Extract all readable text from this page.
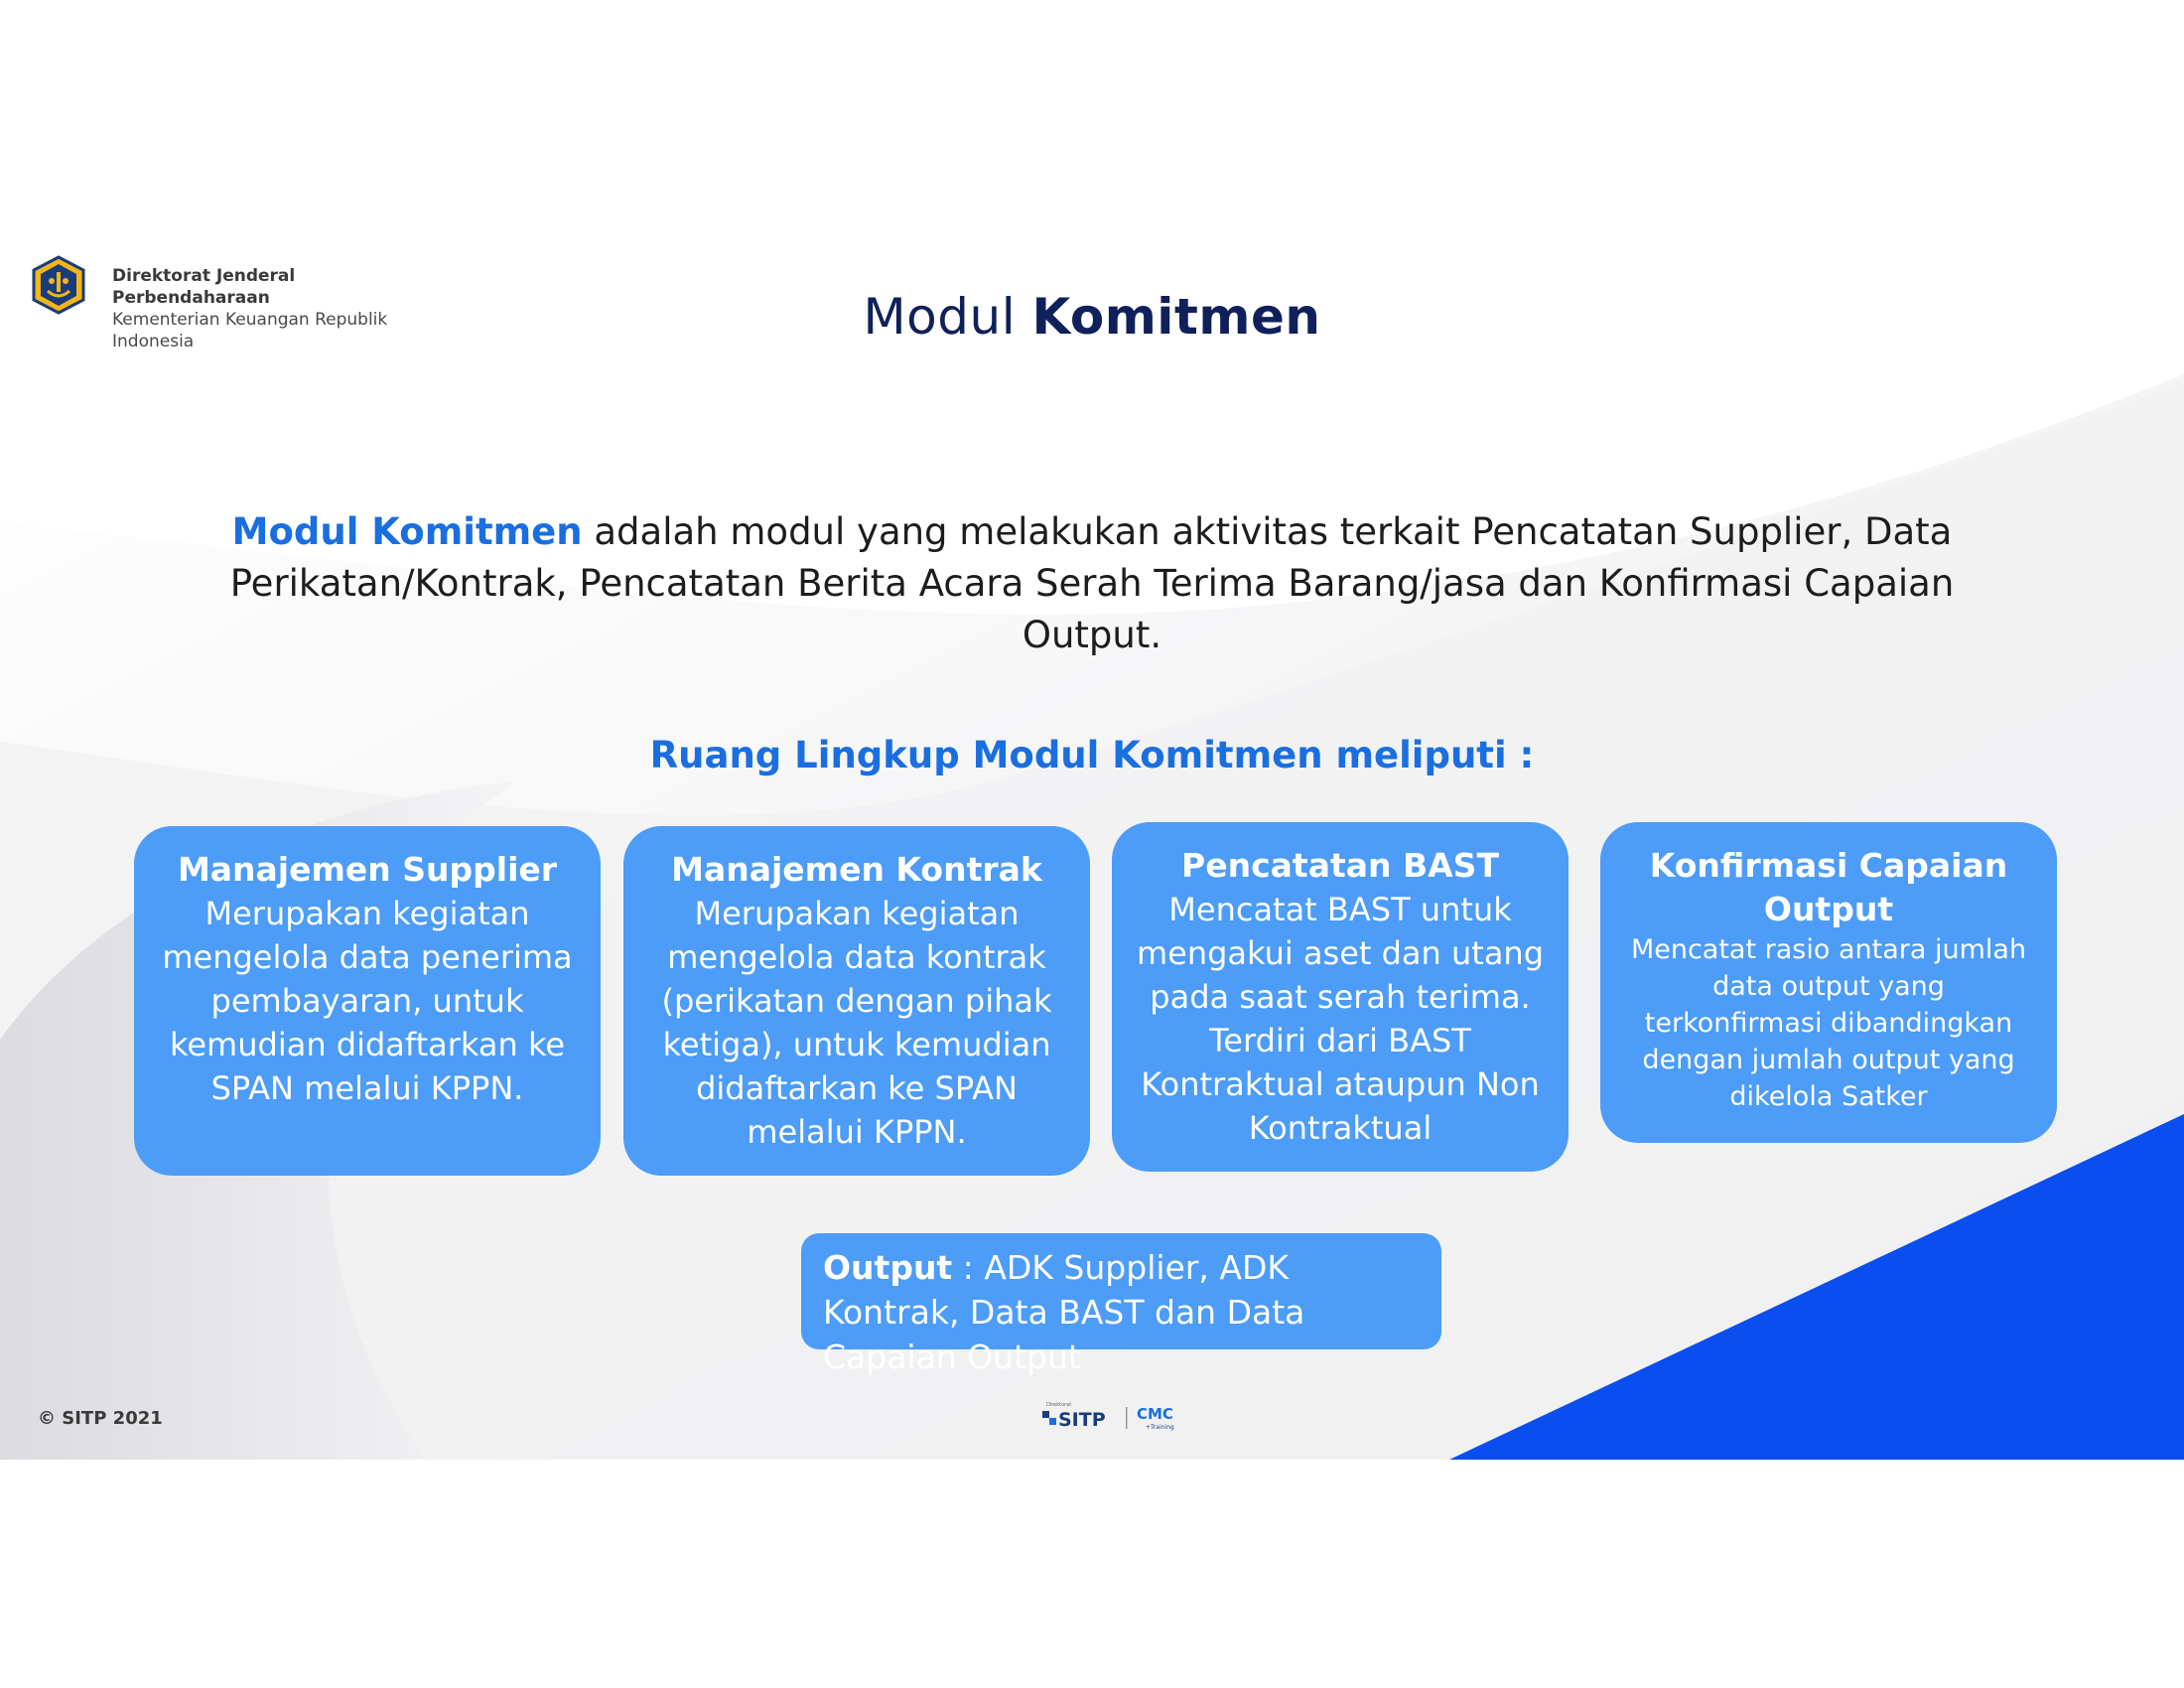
Direktorat Jenderal
Perbendaharaan
Kementerian Keuangan Republik
Indonesia	Modul Komitmen
Modul Komitmen adalah modul yang melakukan aktivitas terkait Pencatatan Supplier, Data Perikatan/Kontrak, Pencatatan Berita Acara Serah Terima Barang/jasa dan Konfirmasi Capaian Output.
Ruang Lingkup Modul Komitmen meliputi :
Manajemen Supplier
Merupakan kegiatan mengelola data penerima pembayaran, untuk kemudian didaftarkan ke SPAN melalui KPPN.
Manajemen Kontrak
Merupakan kegiatan mengelola data kontrak (perikatan dengan pihak ketiga), untuk kemudian didaftarkan ke SPAN melalui KPPN.
Pencatatan BAST
Mencatat BAST untuk mengakui aset dan utang pada saat serah terima. Terdiri dari BAST Kontraktual ataupun Non Kontraktual
Konfirmasi Capaian Output
Mencatat rasio antara jumlah data output yang terkonfirmasi dibandingkan dengan jumlah output yang dikelola Satker
Output : ADK Supplier, ADK Kontrak, Data BAST dan Data Capaian Output
© SITP 2021
Direktorat
SITP CMC
+Training
